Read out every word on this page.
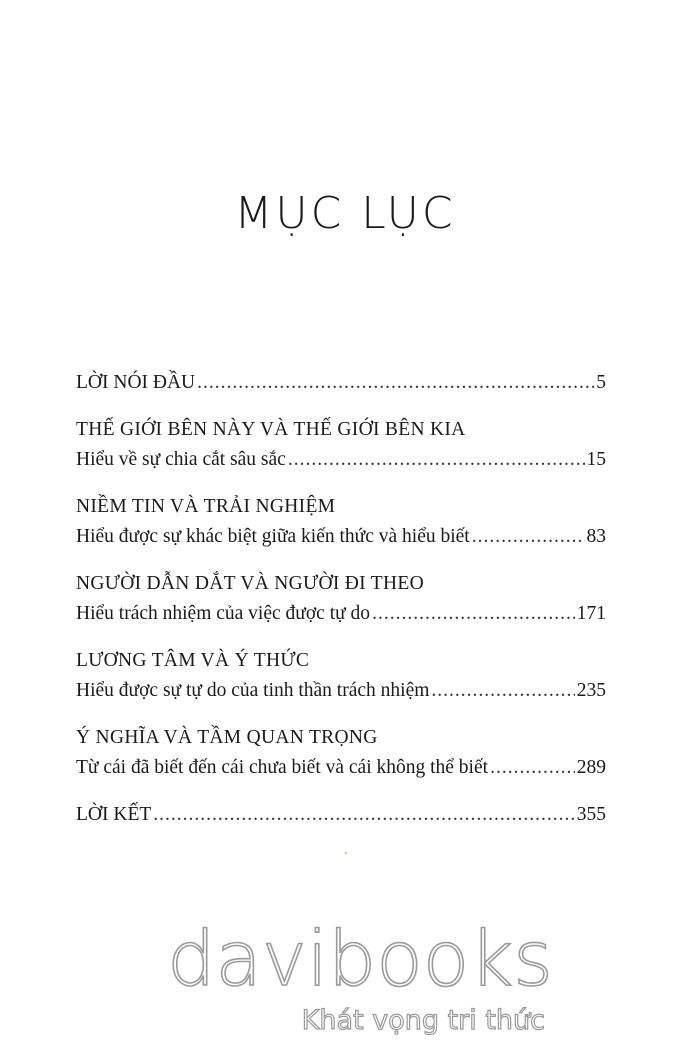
MỤC LỤC
LỜI NÓI ĐẦU .....	5
THẾ GIỚI BÊN NÀY VÀ THẾ GIỚI BÊN KIA
Hiểu về sự chia cắt sâu sắc .....	15
NIỀM TIN VÀ TRẢI NGHIỆM
Hiểu được sự khác biệt giữa kiến thức và hiểu biết .....	83
NGƯỜI DẪN DẮT VÀ NGƯỜI ĐI THEO
Hiểu trách nhiệm của việc được tự do .....	171
LƯƠNG TÂM VÀ Ý THỨC
Hiểu được sự tự do của tinh thần trách nhiệm .....	235
Ý NGHĨA VÀ TẦM QUAN TRỌNG
Từ cái đã biết đến cái chưa biết và cái không thể biết .....	289
LỜI KẾT .....	355
davibooks
Khát vọng tri thức
